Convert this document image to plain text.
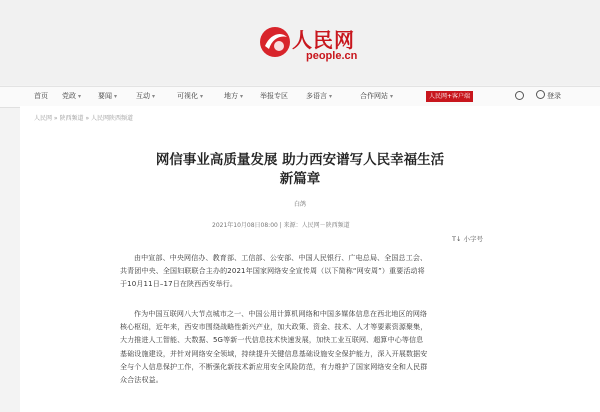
人民网
people.cn
首页 党政 ▾ 要闻 ▾	互动 ▾	可视化 ▾	地方 ▾ 举报专区	多语言 ▾	合作网站 ▾	人民网+客户端	登录
人民网 » 陕西频道 » 人民网陕西频道
网信事业高质量发展 助力西安谱写人民幸福生活
新篇章
白鸽
2021年10月08日08:00 | 来源：人民网－陕西频道
T↓ 小字号
由中宣部、中央网信办、教育部、工信部、公安部、中国人民银行、广电总局、全国总工会、
共青团中央、全国妇联联合主办的2021年国家网络安全宣传周（以下简称“网安周”）重要活动将
于10月11日–17日在陕西西安举行。
作为中国互联网八大节点城市之一、中国公用计算机网络和中国多媒体信息在西北地区的网络
核心枢纽，近年来，西安市围绕战略性新兴产业，加大政策、资金、技术、人才等要素资源聚集，
大力推进人工智能、大数据、5G等新一代信息技术快速发展，加快工业互联网、超算中心等信息
基础设施建设，并针对网络安全领域，持续提升关键信息基础设施安全保护能力，深入开展数据安
全与个人信息保护工作，不断强化新技术新应用安全风险防范，有力维护了国家网络安全和人民群
众合法权益。
